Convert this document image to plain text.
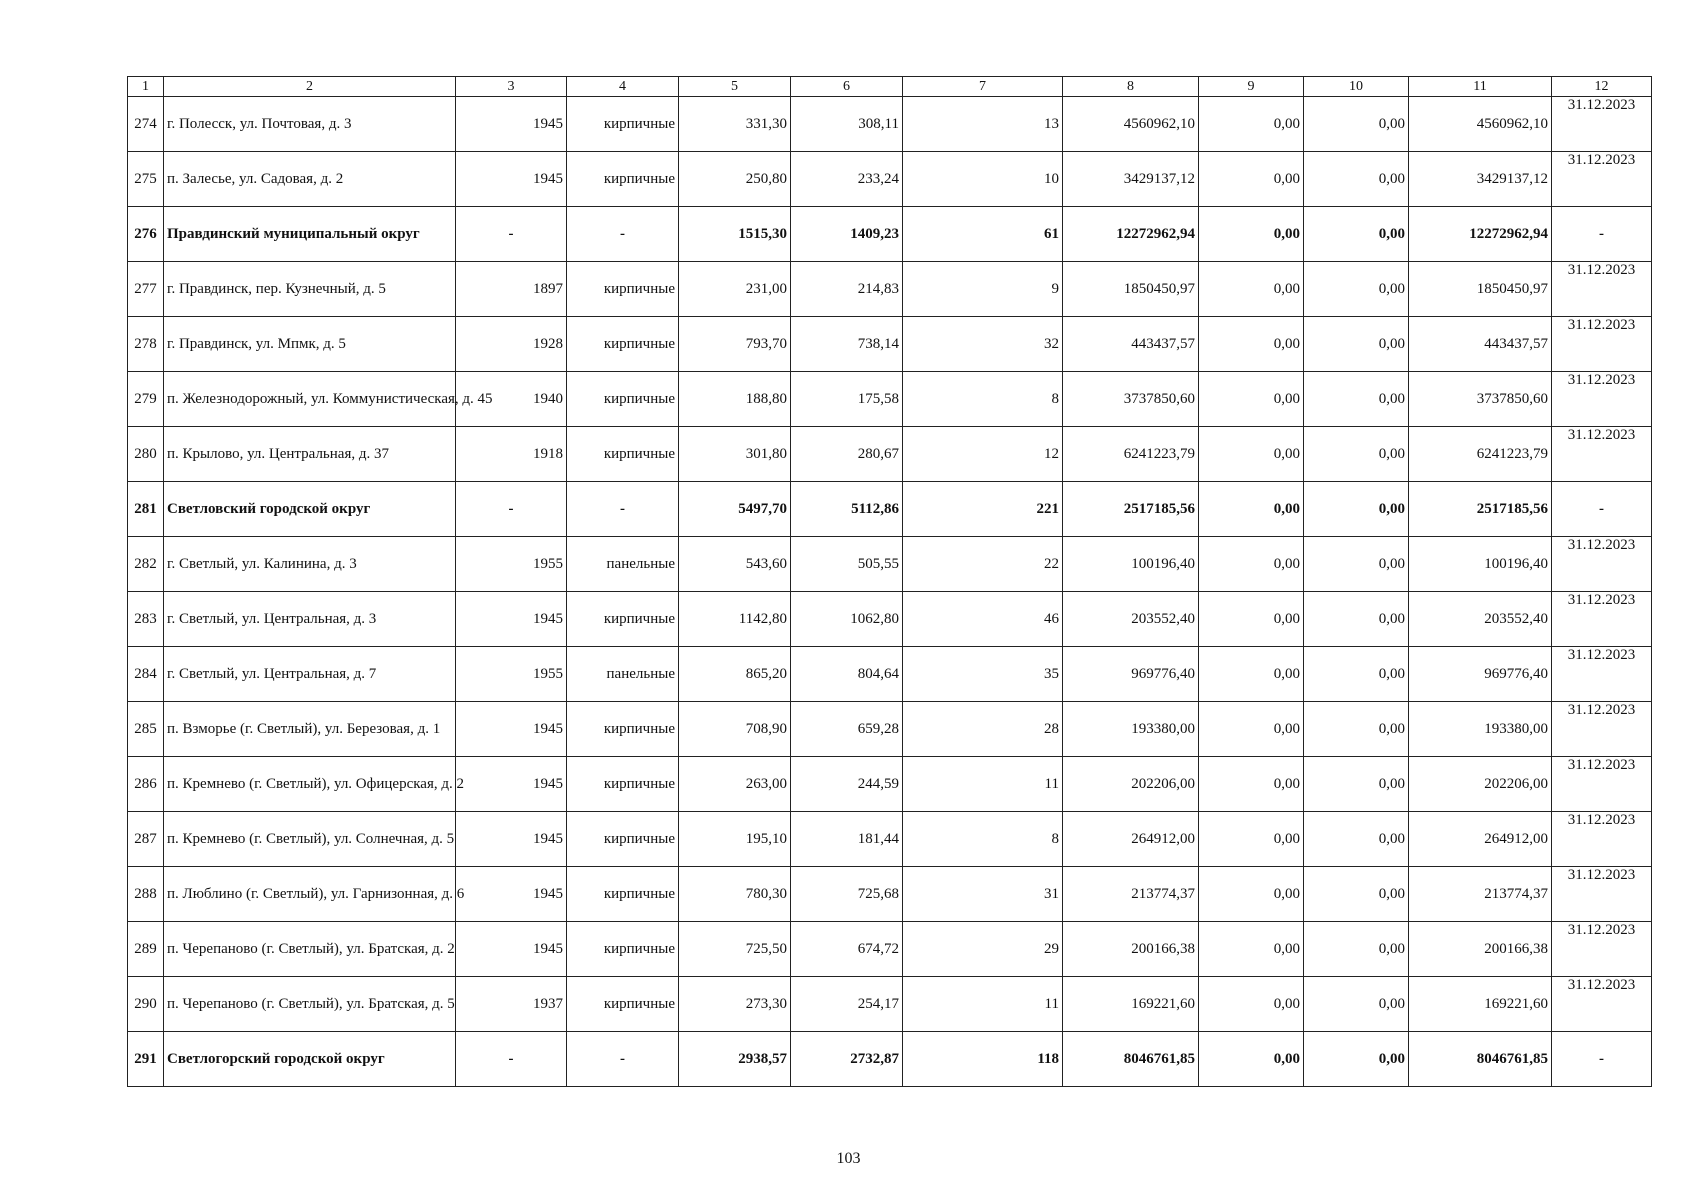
1	2	3	4	5	6	7	8	9	10	11	12
274	г. Полесск, ул. Почтовая, д. 3	1945	кирпичные	331,30	308,11	13	4560962,10	0,00	0,00	4560962,10	31.12.2023
275	п. Залесье, ул. Садовая, д. 2	1945	кирпичные	250,80	233,24	10	3429137,12	0,00	0,00	3429137,12	31.12.2023
276	Правдинский муниципальный округ	-	-	1515,30	1409,23	61	12272962,94	0,00	0,00	12272962,94	-
277	г. Правдинск, пер. Кузнечный, д. 5	1897	кирпичные	231,00	214,83	9	1850450,97	0,00	0,00	1850450,97	31.12.2023
278	г. Правдинск, ул. Мпмк, д. 5	1928	кирпичные	793,70	738,14	32	443437,57	0,00	0,00	443437,57	31.12.2023
279	п. Железнодорожный, ул. Коммунистическая, д. 45	1940	кирпичные	188,80	175,58	8	3737850,60	0,00	0,00	3737850,60	31.12.2023
280	п. Крылово, ул. Центральная, д. 37	1918	кирпичные	301,80	280,67	12	6241223,79	0,00	0,00	6241223,79	31.12.2023
281	Светловский городской округ	-	-	5497,70	5112,86	221	2517185,56	0,00	0,00	2517185,56	-
282	г. Светлый, ул. Калинина, д. 3	1955	панельные	543,60	505,55	22	100196,40	0,00	0,00	100196,40	31.12.2023
283	г. Светлый, ул. Центральная, д. 3	1945	кирпичные	1142,80	1062,80	46	203552,40	0,00	0,00	203552,40	31.12.2023
284	г. Светлый, ул. Центральная, д. 7	1955	панельные	865,20	804,64	35	969776,40	0,00	0,00	969776,40	31.12.2023
285	п. Взморье (г. Светлый), ул. Березовая, д. 1	1945	кирпичные	708,90	659,28	28	193380,00	0,00	0,00	193380,00	31.12.2023
286	п. Кремнево (г. Светлый), ул. Офицерская, д. 2	1945	кирпичные	263,00	244,59	11	202206,00	0,00	0,00	202206,00	31.12.2023
287	п. Кремнево (г. Светлый), ул. Солнечная, д. 5	1945	кирпичные	195,10	181,44	8	264912,00	0,00	0,00	264912,00	31.12.2023
288	п. Люблино (г. Светлый), ул. Гарнизонная, д. 6	1945	кирпичные	780,30	725,68	31	213774,37	0,00	0,00	213774,37	31.12.2023
289	п. Черепаново (г. Светлый), ул. Братская, д. 2	1945	кирпичные	725,50	674,72	29	200166,38	0,00	0,00	200166,38	31.12.2023
290	п. Черепаново (г. Светлый), ул. Братская, д. 5	1937	кирпичные	273,30	254,17	11	169221,60	0,00	0,00	169221,60	31.12.2023
291	Светлогорский городской округ	-	-	2938,57	2732,87	118	8046761,85	0,00	0,00	8046761,85	-
103
